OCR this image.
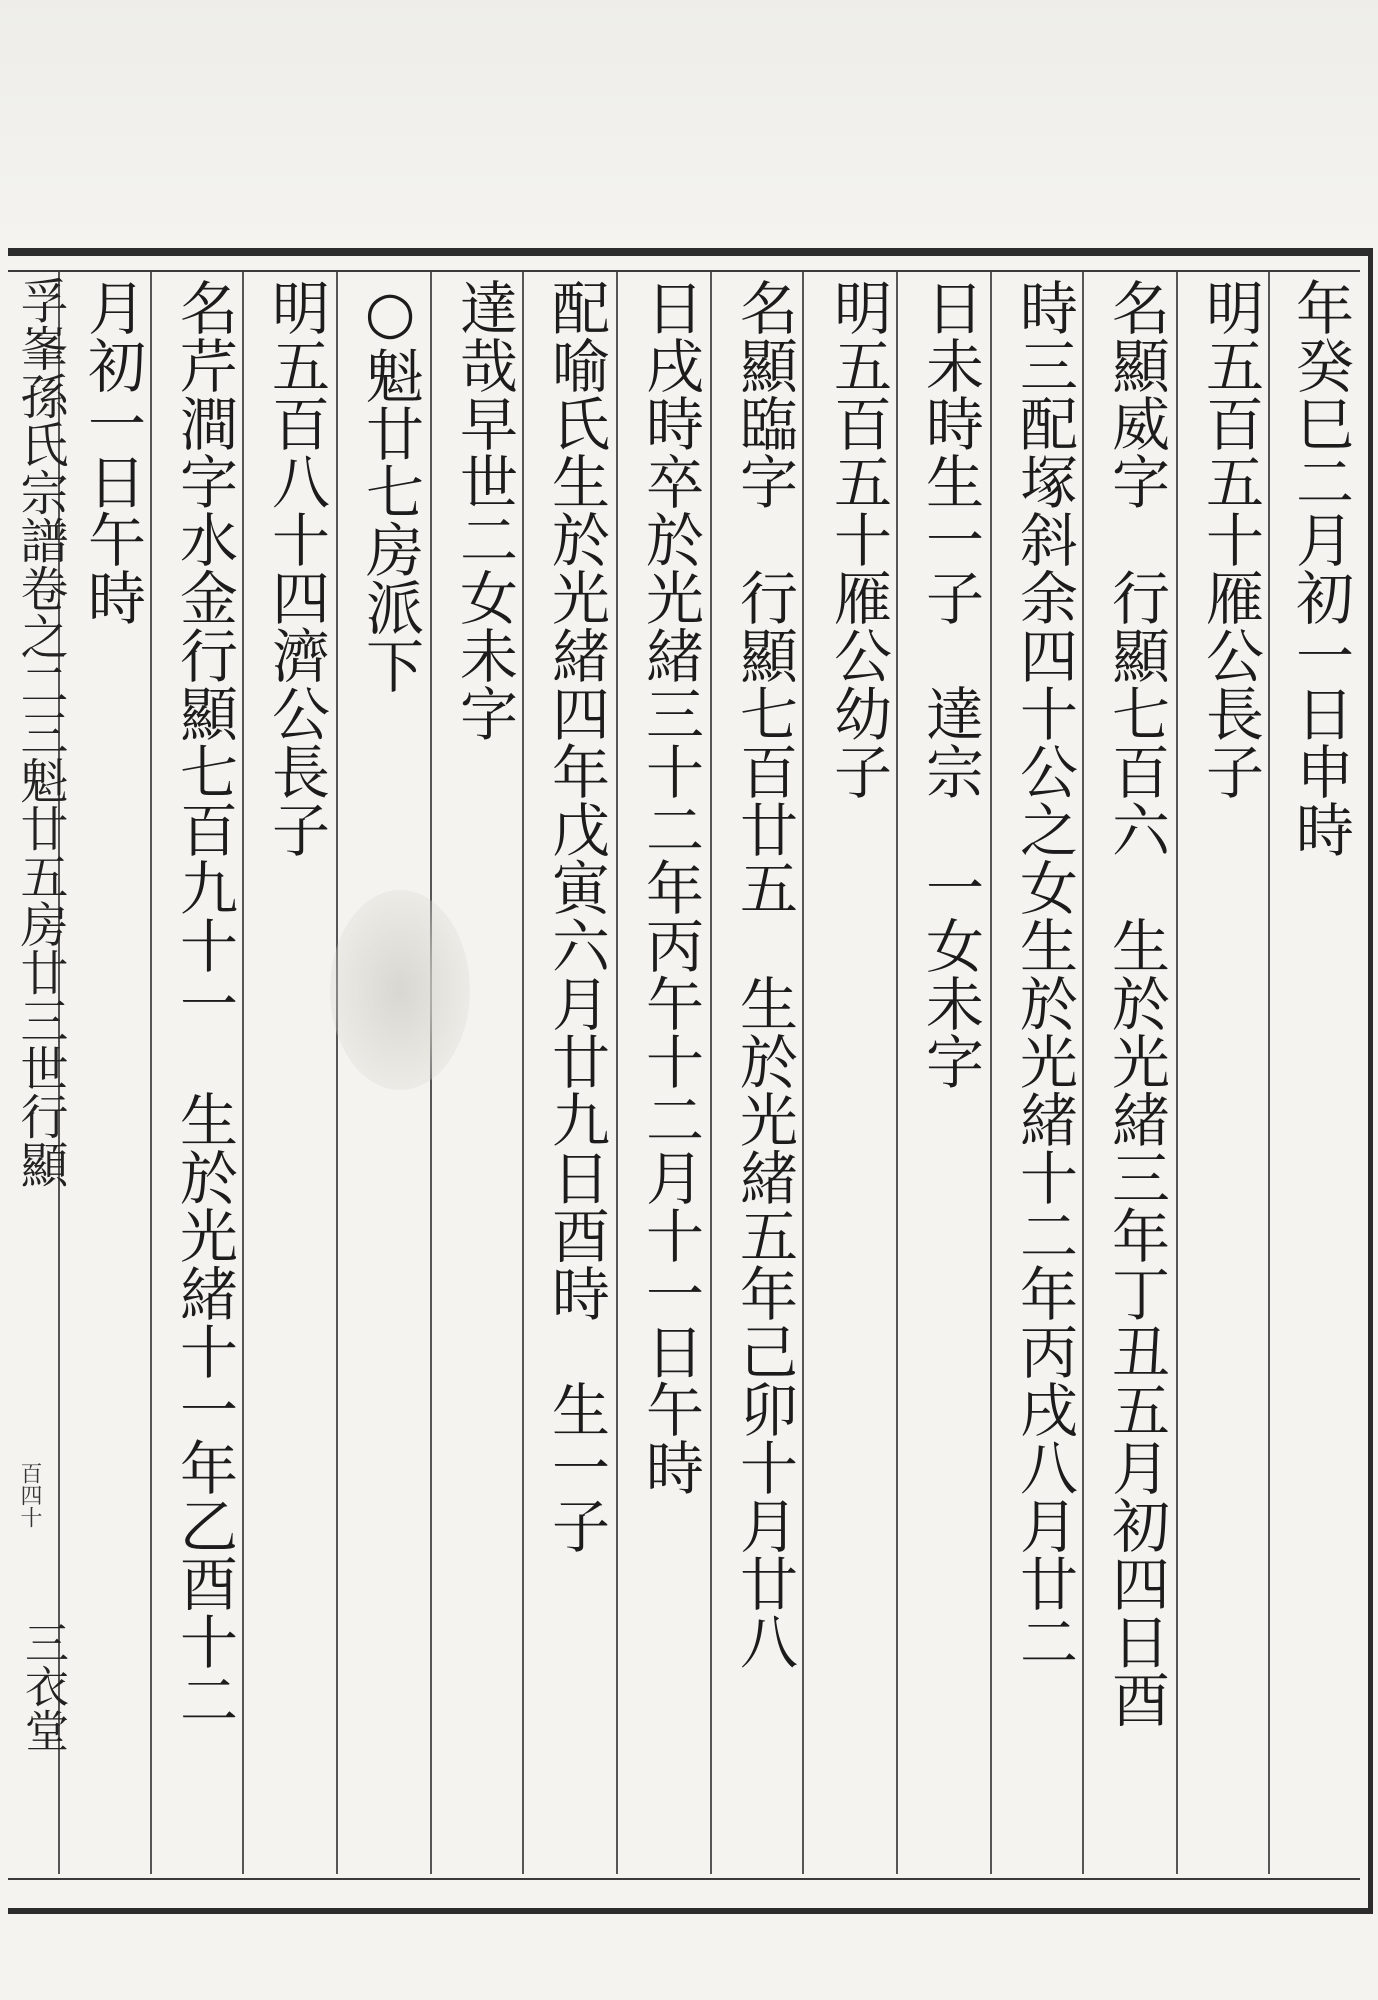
年癸巳二月初一日申時
明五百五十雁公長子
名顯威字　行顯七百六　生於光緒三年丁丑五月初四日酉
時三配塚斜余四十公之女生於光緒十二年丙戌八月廿二
日未時生一子　達宗　一女未字
明五百五十雁公幼子
名顯臨字　行顯七百廿五　生於光緒五年己卯十月廿八
日戌時卒於光緒三十二年丙午十二月十一日午時
配喻氏生於光緒四年戊寅六月廿九日酉時　生一子
達哉早世二女未字
○魁廿七房派下
明五百八十四濟公長子
名芹澗字水金行顯七百九十一　生於光緒十一年乙酉十二
月初一日午時
孚峯孫氏宗譜卷之二三魁廿五房廿三世行顯
百四十
三衣堂
